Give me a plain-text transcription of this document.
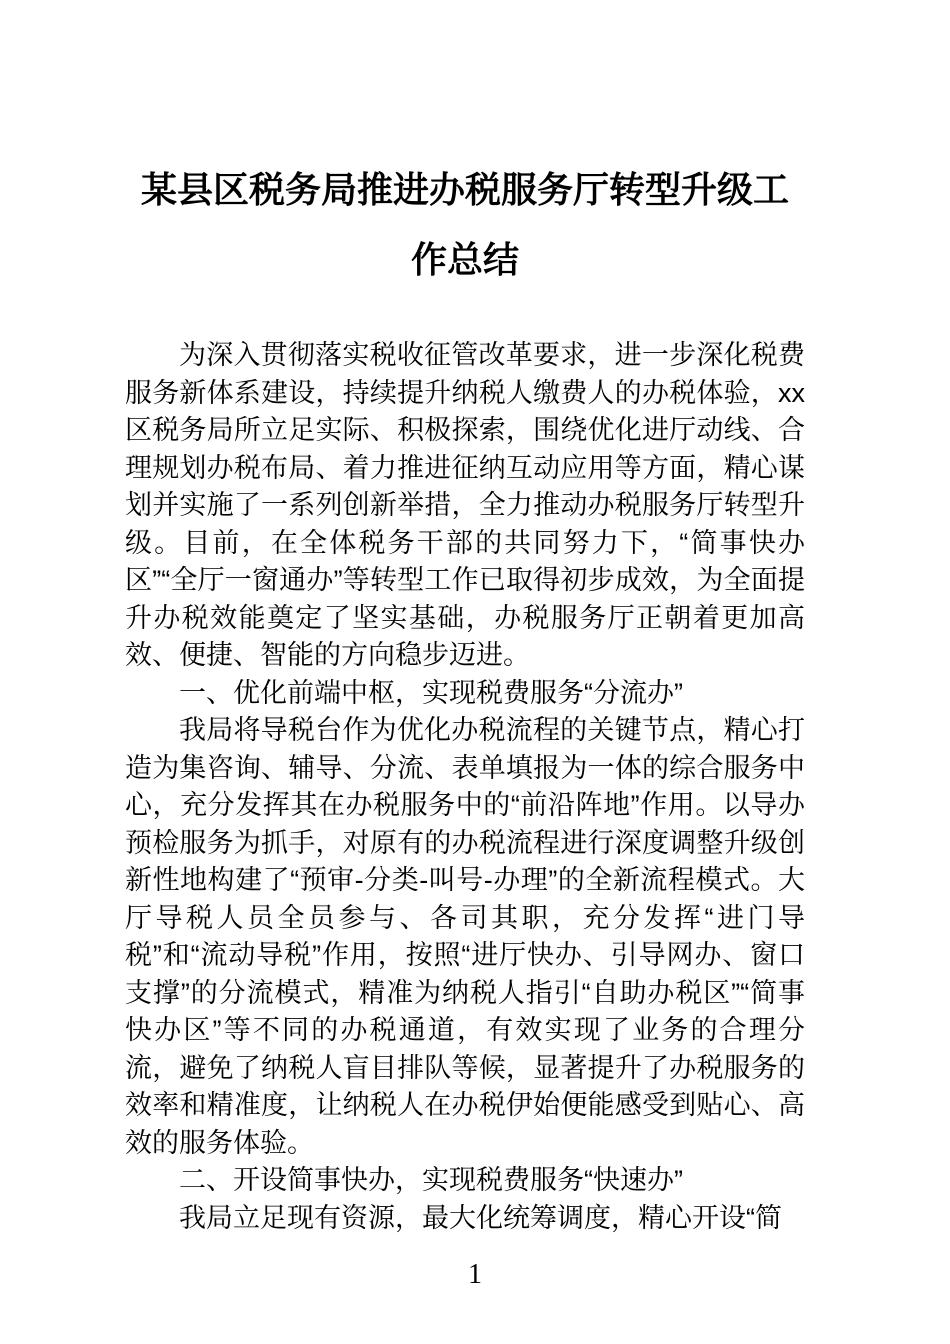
某县区税务局推进办税服务厅转型升级工作总结

为深入贯彻落实税收征管改革要求，进一步深化税费服务新体系建设，持续提升纳税人缴费人的办税体验，xx区税务局所立足实际、积极探索，围绕优化进厅动线、合理规划办税布局、着力推进征纳互动应用等方面，精心谋划并实施了一系列创新举措，全力推动办税服务厅转型升级。目前，在全体税务干部的共同努力下，“简事快办区”“全厅一窗通办”等转型工作已取得初步成效，为全面提升办税效能奠定了坚实基础，办税服务厅正朝着更加高效、便捷、智能的方向稳步迈进。

一、优化前端中枢，实现税费服务“分流办”

我局将导税台作为优化办税流程的关键节点，精心打造为集咨询、辅导、分流、表单填报为一体的综合服务中心，充分发挥其在办税服务中的“前沿阵地”作用。以导办预检服务为抓手，对原有的办税流程进行深度调整升级创新性地构建了“预审-分类-叫号-办理”的全新流程模式。大厅导税人员全员参与、各司其职，充分发挥“进门导税”和“流动导税”作用，按照“进厅快办、引导网办、窗口支撑”的分流模式，精准为纳税人指引“自助办税区”“简事快办区”等不同的办税通道，有效实现了业务的合理分流，避免了纳税人盲目排队等候，显著提升了办税服务的效率和精准度，让纳税人在办税伊始便能感受到贴心、高效的服务体验。

二、开设简事快办，实现税费服务“快速办”

我局立足现有资源，最大化统筹调度，精心开设“简

1
